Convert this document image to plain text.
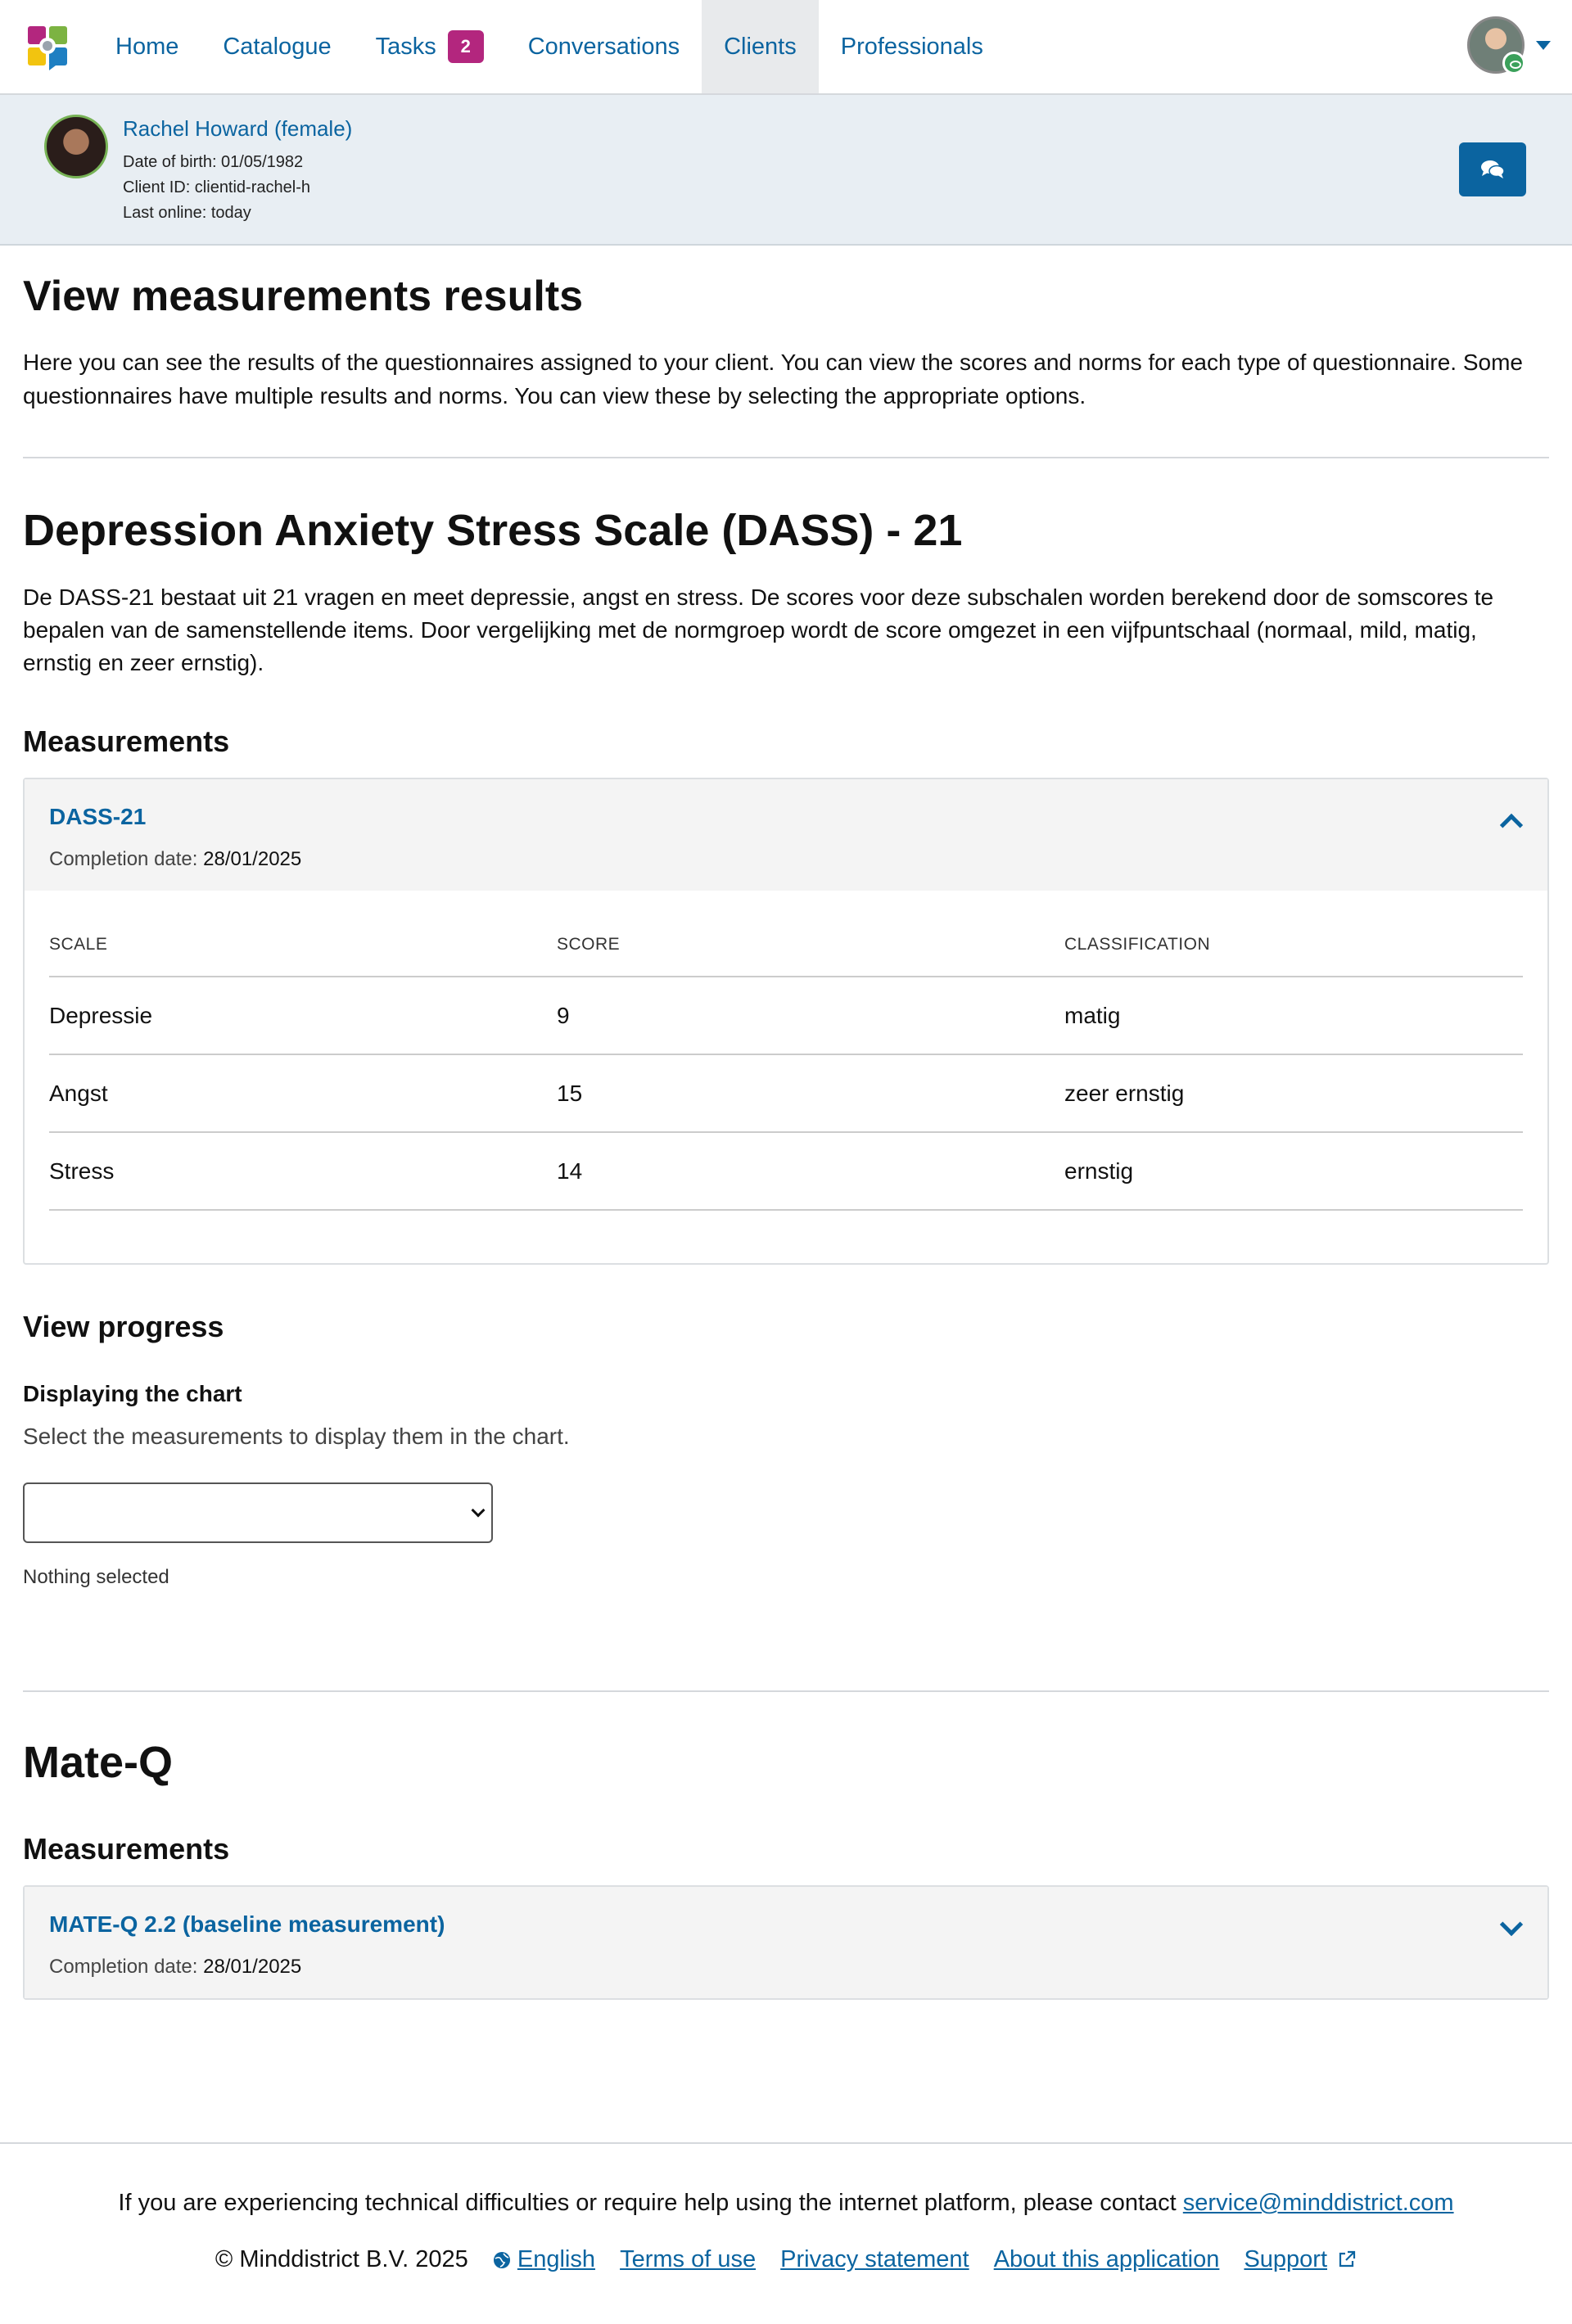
Home Catalogue Tasks	2	Conversations Clients Professionals
Rachel Howard (female)
Date of birth: 01/05/1982
Client ID: clientid-rachel-h
Last online: today
View measurements results

Here you can see the results of the questionnaires assigned to your client. You can view the scores and norms for each type of questionnaire. Some questionnaires have multiple results and norms. You can view these by selecting the appropriate options.

Depression Anxiety Stress Scale (DASS) - 21

De DASS-21 bestaat uit 21 vragen en meet depressie, angst en stress. De scores voor deze subschalen worden berekend door de somscores te bepalen van de samenstellende items. Door vergelijking met de normgroep wordt de score omgezet in een vijfpuntschaal (normaal, mild, matig, ernstig en zeer ernstig).

Measurements
DASS-21
Completion date: 28/01/2025
SCALE	SCORE	CLASSIFICATION
Depressie	9	matig
Angst	15	zeer ernstig
Stress	14	ernstig
View progress
Displaying the chart
Select the measurements to display them in the chart.
Nothing selected
Mate-Q
Measurements
MATE-Q 2.2 (baseline measurement)
Completion date: 28/01/2025
If you are experiencing technical difficulties or require help using the internet platform, please contact service@minddistrict.com
© Minddistrict B.V. 2025 English Terms of use Privacy statement About this application Support
